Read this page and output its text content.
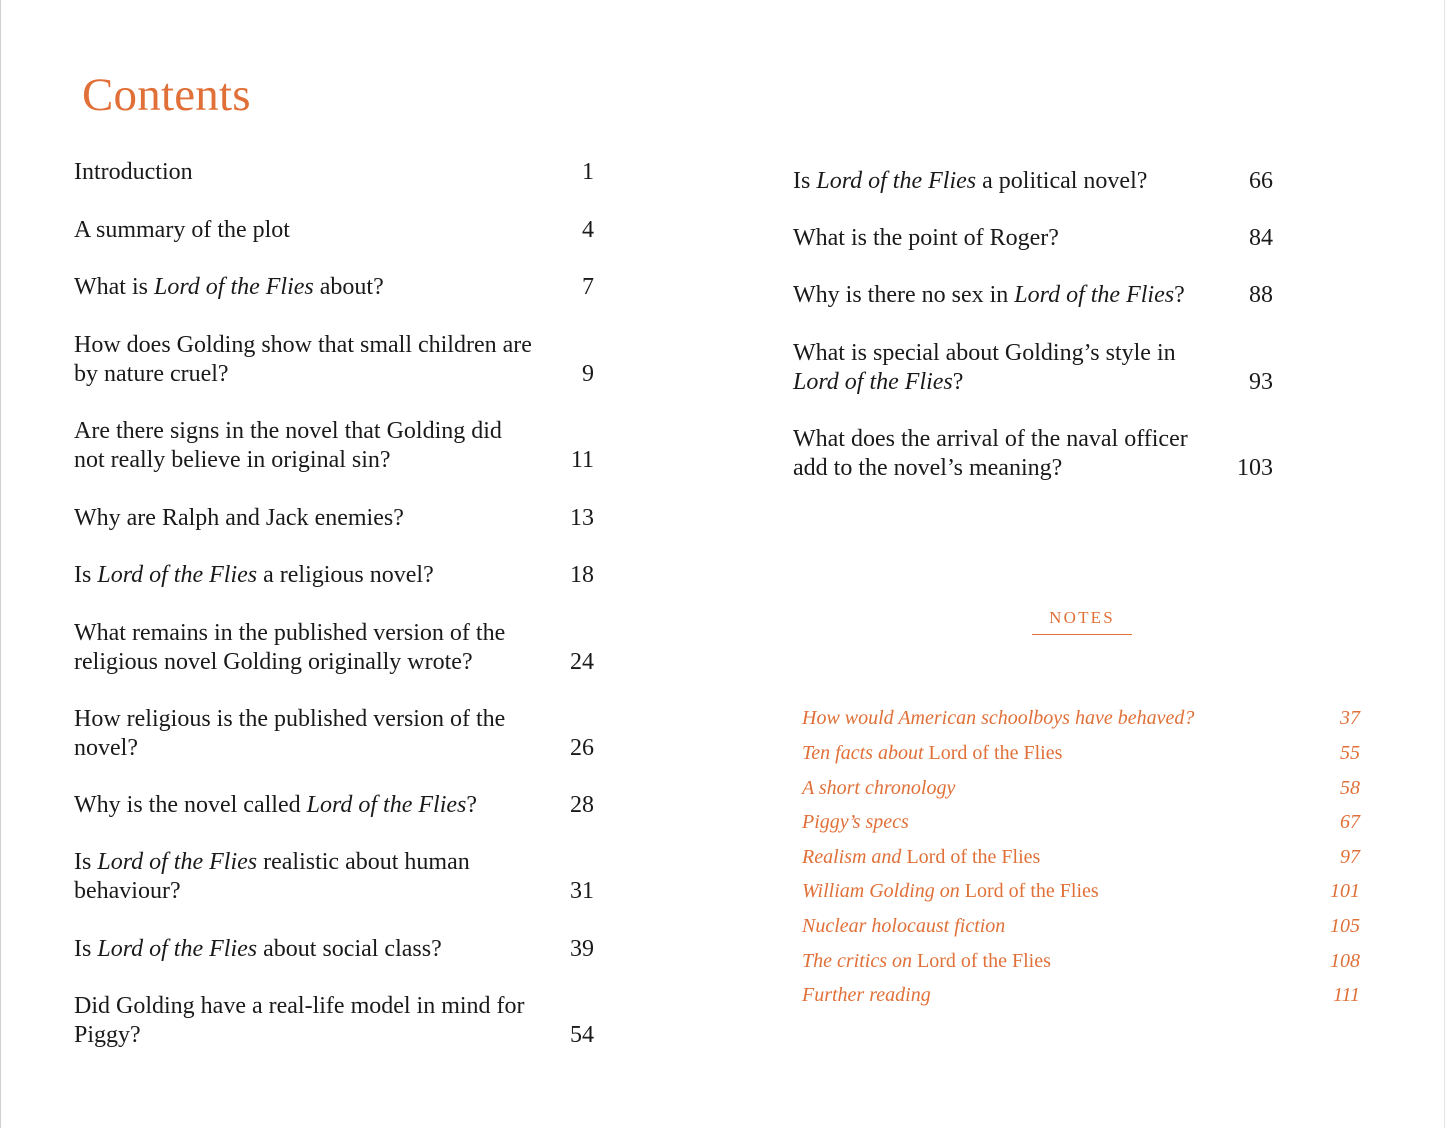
Contents
Introduction	1
A summary of the plot	4
What is Lord of the Flies about?	7
How does Golding show that small children are by nature cruel?	9
Are there signs in the novel that Golding did not really believe in original sin?	11
Why are Ralph and Jack enemies?	13
Is Lord of the Flies a religious novel?	18
What remains in the published version of the religious novel Golding originally wrote?	24
How religious is the published version of the novel?	26
Why is the novel called Lord of the Flies?	28
Is Lord of the Flies realistic about human behaviour?	31
Is Lord of the Flies about social class?	39
Did Golding have a real-life model in mind for Piggy?	54
Is Lord of the Flies a political novel?	66
What is the point of Roger?	84
Why is there no sex in Lord of the Flies?	88
What is special about Golding’s style in Lord of the Flies?	93
What does the arrival of the naval officer add to the novel’s meaning?	103
NOTES
How would American schoolboys have behaved?	37
Ten facts about Lord of the Flies	55
A short chronology	58
Piggy’s specs	67
Realism and Lord of the Flies	97
William Golding on Lord of the Flies	101
Nuclear holocaust fiction	105
The critics on Lord of the Flies	108
Further reading	111
